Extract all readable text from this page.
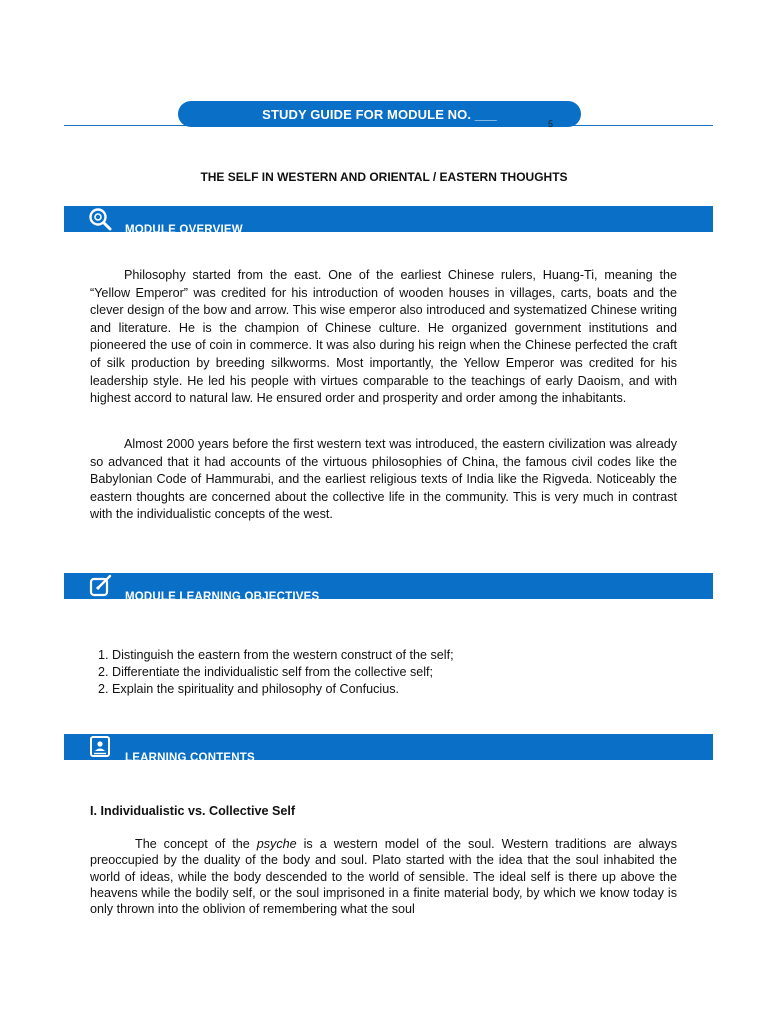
STUDY GUIDE FOR MODULE NO. ___
5
THE SELF IN WESTERN AND ORIENTAL / EASTERN THOUGHTS
MODULE OVERVIEW

Philosophy started from the east. One of the earliest Chinese rulers, Huang-Ti, meaning the “Yellow Emperor” was credited for his introduction of wooden houses in villages, carts, boats and the clever design of the bow and arrow. This wise emperor also introduced and systematized Chinese writing and literature. He is the champion of Chinese culture. He organized government institutions and pioneered the use of coin in commerce. It was also during his reign when the Chinese perfected the craft of silk production by breeding silkworms. Most importantly, the Yellow Emperor was credited for his leadership style. He led his people with virtues comparable to the teachings of early Daoism, and with highest accord to natural law. He ensured order and prosperity and order among the inhabitants.

Almost 2000 years before the first western text was introduced, the eastern civilization was already so advanced that it had accounts of the virtuous philosophies of China, the famous civil codes like the Babylonian Code of Hammurabi, and the earliest religious texts of India like the Rigveda. Noticeably the eastern thoughts are concerned about the collective life in the community. This is very much in contrast with the individualistic concepts of the west.

MODULE LEARNING OBJECTIVES
1. Distinguish the eastern from the western construct of the self;
2. Differentiate the individualistic self from the collective self;
2. Explain the spirituality and philosophy of Confucius.
LEARNING CONTENTS
I. Individualistic vs. Collective Self

The concept of the psyche is a western model of the soul. Western traditions are always preoccupied by the duality of the body and soul. Plato started with the idea that the soul inhabited the world of ideas, while the body descended to the world of sensible. The ideal self is there up above the heavens while the bodily self, or the soul imprisoned in a finite material body, by which we know today is only thrown into the oblivion of remembering what the soul
